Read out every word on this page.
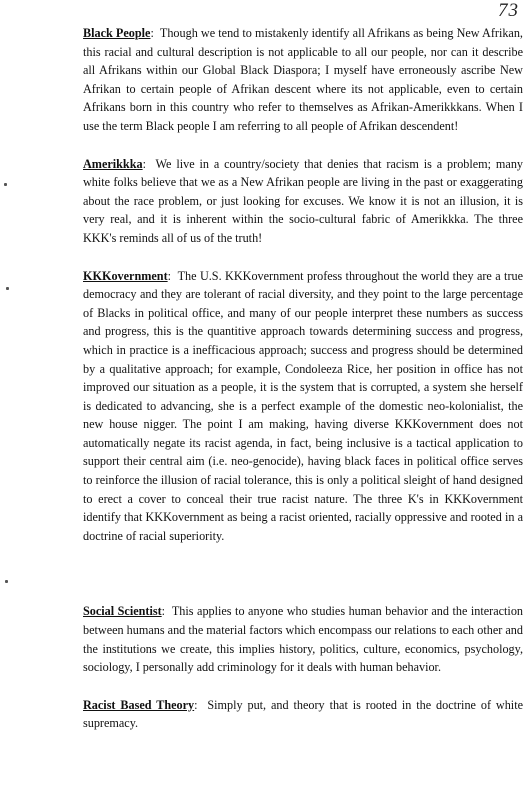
73

Black People:  Though we tend to mistakenly identify all Afrikans as being New Afrikan, this racial and cultural description is not applicable to all our people, nor can it describe all Afrikans within our Global Black Diaspora; I myself have erroneously ascribe New Afrikan to certain people of Afrikan descent where its not applicable, even to certain Afrikans born in this country who refer to themselves as Afrikan-Amerikkkans. When I use the term Black people I am referring to all people of Afrikan descendent!

Amerikkka:  We live in a country/society that denies that racism is a problem; many white folks believe that we as a New Afrikan people are living in the past or exaggerating about the race problem, or just looking for excuses. We know it is not an illusion, it is very real, and it is inherent within the socio-cultural fabric of Amerikkka. The three KKK's reminds all of us of the truth!

KKKovernment:  The U.S. KKKovernment profess throughout the world they are a true democracy and they are tolerant of racial diversity, and they point to the large percentage of Blacks in political office, and many of our people interpret these numbers as success and progress, this is the quantitive approach towards determining success and progress, which in practice is a inefficacious approach; success and progress should be determined by a qualitative approach; for example, Condoleeza Rice, her position in office has not improved our situation as a people, it is the system that is corrupted, a system she herself is dedicated to advancing, she is a perfect example of the domestic neo-kolonialist, the new house nigger. The point I am making, having diverse KKKovernment does not automatically negate its racist agenda, in fact, being inclusive is a tactical application to support their central aim (i.e. neo-genocide), having black faces in political office serves to reinforce the illusion of racial tolerance, this is only a political sleight of hand designed to erect a cover to conceal their true racist nature. The three K's in KKKovernment identify that KKKovernment as being a racist oriented, racially oppressive and rooted in a doctrine of racial superiority.

Social Scientist:  This applies to anyone who studies human behavior and the interaction between humans and the material factors which encompass our relations to each other and the institutions we create, this implies history, politics, culture, economics, psychology, sociology, I personally add criminology for it deals with human behavior.

Racist Based Theory:  Simply put, and theory that is rooted in the doctrine of white supremacy.
